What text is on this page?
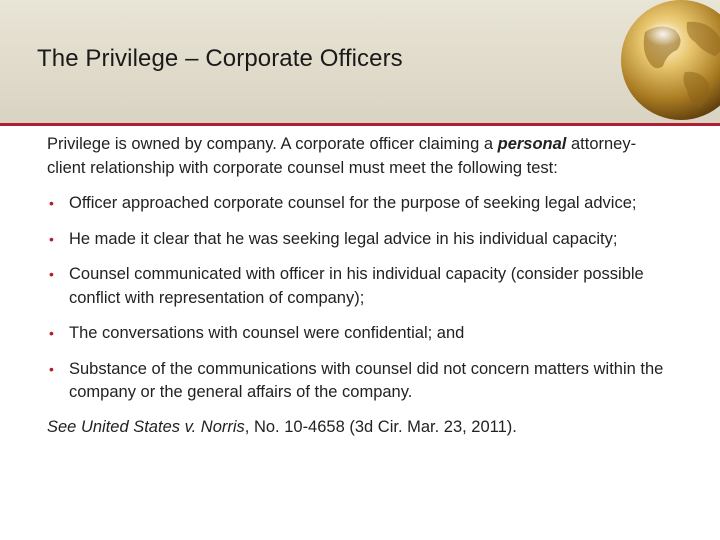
The Privilege – Corporate Officers

Privilege is owned by company. A corporate officer claiming a personal attorney-client relationship with corporate counsel must meet the following test:

• Officer approached corporate counsel for the purpose of seeking legal advice;
• He made it clear that he was seeking legal advice in his individual capacity;
• Counsel communicated with officer in his individual capacity (consider possible conflict with representation of company);
• The conversations with counsel were confidential; and
• Substance of the communications with counsel did not concern matters within the company or the general affairs of the company.
See United States v. Norris, No. 10-4658 (3d Cir. Mar. 23, 2011).
